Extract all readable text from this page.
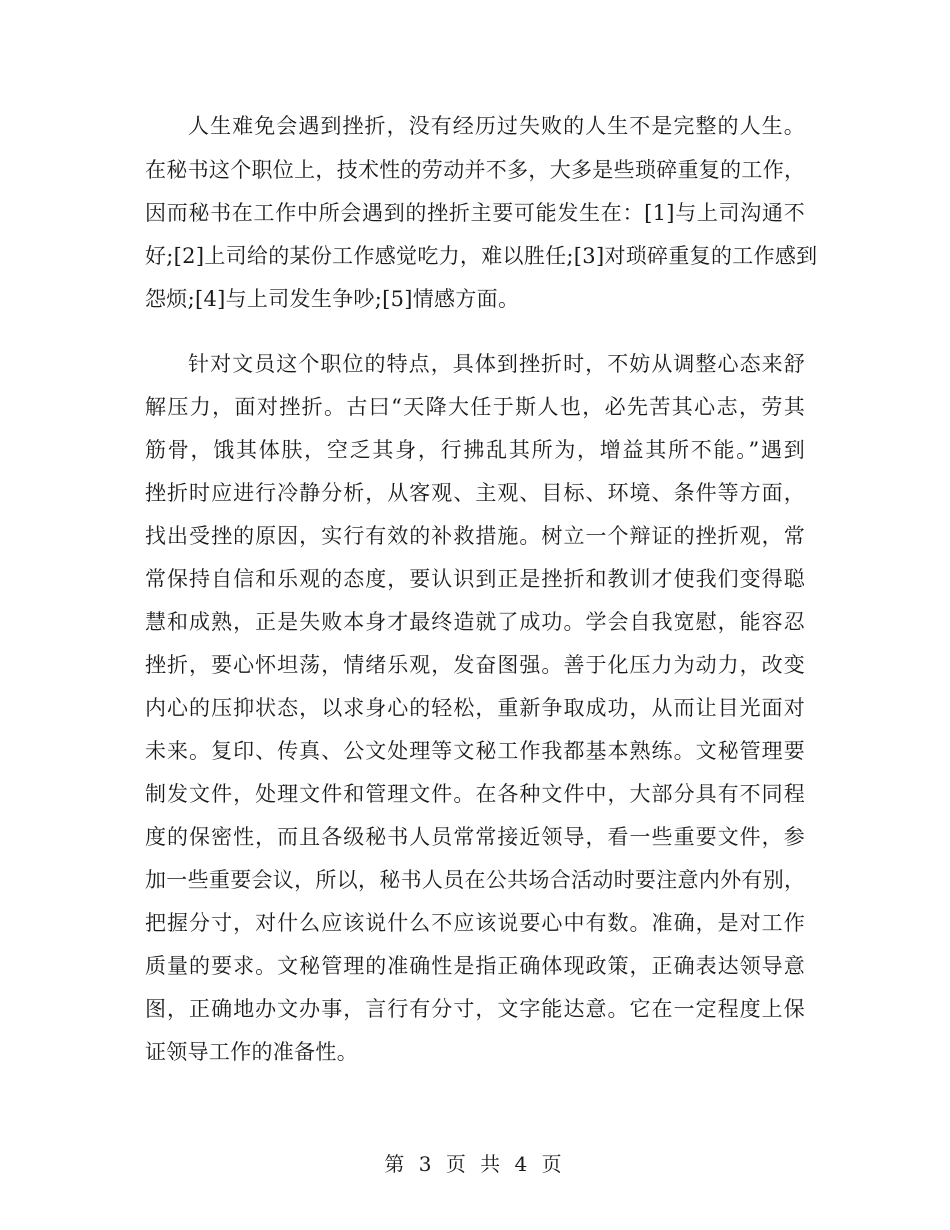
人生难免会遇到挫折，没有经历过失败的人生不是完整的人生。
在秘书这个职位上，技术性的劳动并不多，大多是些琐碎重复的工作，
因而秘书在工作中所会遇到的挫折主要可能发生在：[1]与上司沟通不
好;[2]上司给的某份工作感觉吃力，难以胜任;[3]对琐碎重复的工作感到
怨烦;[4]与上司发生争吵;[5]情感方面。
针对文员这个职位的特点，具体到挫折时，不妨从调整心态来舒
解压力，面对挫折。古曰“天降大任于斯人也，必先苦其心志，劳其
筋骨，饿其体肤，空乏其身，行拂乱其所为，增益其所不能。”遇到
挫折时应进行冷静分析，从客观、主观、目标、环境、条件等方面，
找出受挫的原因，实行有效的补救措施。树立一个辩证的挫折观，常
常保持自信和乐观的态度，要认识到正是挫折和教训才使我们变得聪
慧和成熟，正是失败本身才最终造就了成功。学会自我宽慰，能容忍
挫折，要心怀坦荡，情绪乐观，发奋图强。善于化压力为动力，改变
内心的压抑状态，以求身心的轻松，重新争取成功，从而让目光面对
未来。复印、传真、公文处理等文秘工作我都基本熟练。文秘管理要
制发文件，处理文件和管理文件。在各种文件中，大部分具有不同程
度的保密性，而且各级秘书人员常常接近领导，看一些重要文件，参
加一些重要会议，所以，秘书人员在公共场合活动时要注意内外有别，
把握分寸，对什么应该说什么不应该说要心中有数。准确，是对工作
质量的要求。文秘管理的准确性是指正确体现政策，正确表达领导意
图，正确地办文办事，言行有分寸，文字能达意。它在一定程度上保
证领导工作的准备性。
第 3 页 共 4 页
